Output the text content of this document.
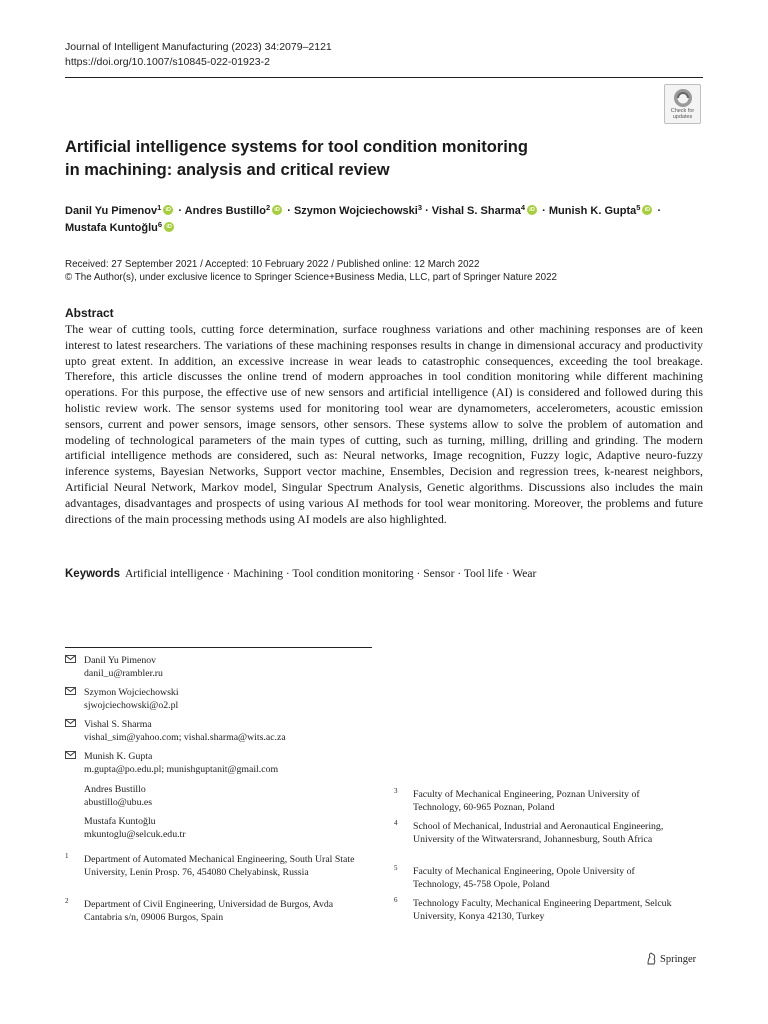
Journal of Intelligent Manufacturing (2023) 34:2079–2121
https://doi.org/10.1007/s10845-022-01923-2
Check for
updates
Artificial intelligence systems for tool condition monitoring
in machining: analysis and critical review
Danil Yu Pimenov$^1$ iD · Andres Bustillo$^2$ iD · Szymon Wojciechowski$^3$ · Vishal S. Sharma$^4$ iD · Munish K. Gupta$^5$ iD ·
Mustafa Kuntoğlu$^6$iD
Received: 27 September 2021 / Accepted: 10 February 2022 / Published online: 12 March 2022
© The Author(s), under exclusive licence to Springer Science+Business Media, LLC, part of Springer Nature 2022
Abstract

The wear of cutting tools, cutting force determination, surface roughness variations and other machining responses are of keen interest to latest researchers. The variations of these machining responses results in change in dimensional accuracy and productivity upto great extent. In addition, an excessive increase in wear leads to catastrophic consequences, exceeding the tool breakage. Therefore, this article discusses the online trend of modern approaches in tool condition monitoring while different machining operations. For this purpose, the effective use of new sensors and artificial intelligence (AI) is considered and followed during this holistic review work. The sensor systems used for monitoring tool wear are dynamometers, accelerometers, acoustic emission sensors, current and power sensors, image sensors, other sensors. These systems allow to solve the problem of automation and modeling of technological parameters of the main types of cutting, such as turning, milling, drilling and grinding. The modern artificial intelligence methods are considered, such as: Neural networks, Image recognition, Fuzzy logic, Adaptive neuro-fuzzy inference systems, Bayesian Networks, Support vector machine, Ensembles, Decision and regression trees, k-nearest neighbors, Artificial Neural Network, Markov model, Singular Spectrum Analysis, Genetic algorithms. Discussions also includes the main advantages, disadvantages and prospects of using various AI methods for tool wear monitoring. Moreover, the problems and future directions of the main processing methods using AI models are also highlighted.

Keywords Artificial intelligence · Machining · Tool condition monitoring · Sensor · Tool life · Wear
Danil Yu Pimenov
danil_u@rambler.ru
Szymon Wojciechowski
sjwojciechowski@o2.pl
Vishal S. Sharma
vishal_sim@yahoo.com; vishal.sharma@wits.ac.za
Munish K. Gupta
m.gupta@po.edu.pl; munishguptanit@gmail.com
Andres Bustillo
abustillo@ubu.es
Mustafa Kuntoğlu
mkuntoglu@selcuk.edu.tr
1 Department of Automated Mechanical Engineering, South Ural State University, Lenin Prosp. 76, 454080 Chelyabinsk, Russia
2 Department of Civil Engineering, Universidad de Burgos, Avda Cantabria s/n, 09006 Burgos, Spain
3 Faculty of Mechanical Engineering, Poznan University of Technology, 60-965 Poznan, Poland
4 School of Mechanical, Industrial and Aeronautical Engineering, University of the Witwatersrand, Johannesburg, South Africa
5 Faculty of Mechanical Engineering, Opole University of Technology, 45-758 Opole, Poland
6 Technology Faculty, Mechanical Engineering Department, Selcuk University, Konya 42130, Turkey
Springer
